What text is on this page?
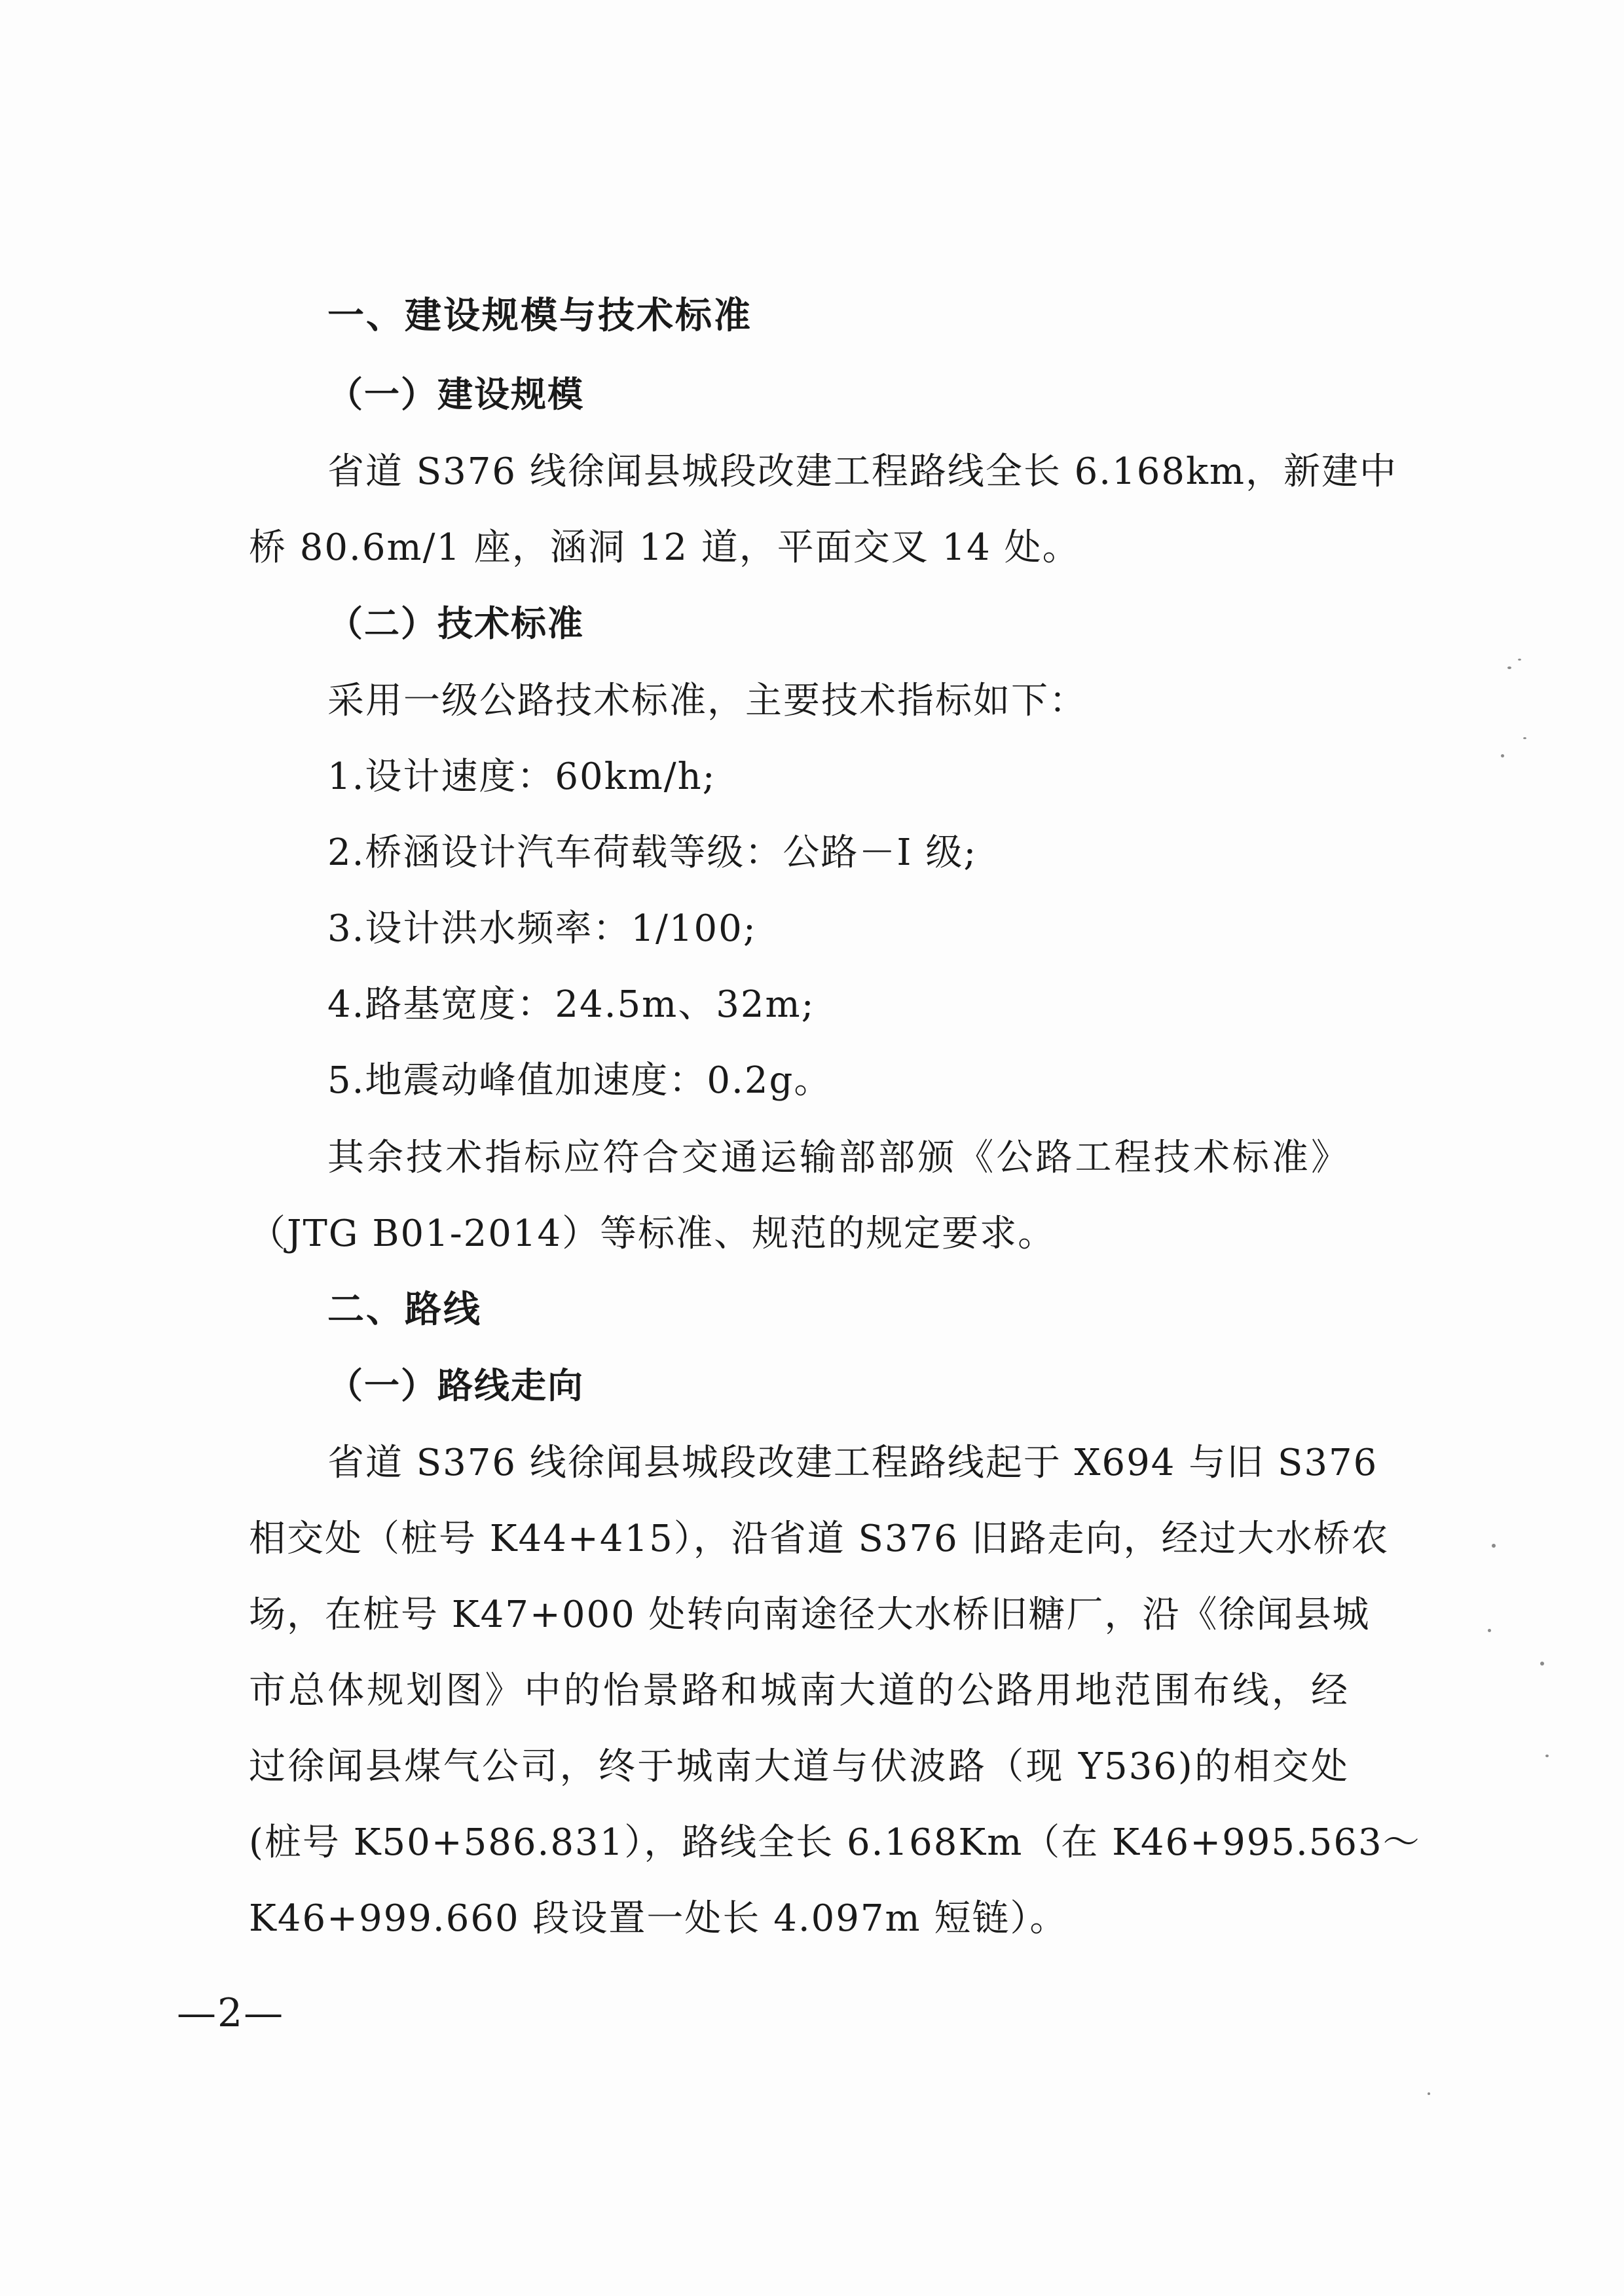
一、建设规模与技术标准
（一）建设规模
省道 S376 线徐闻县城段改建工程路线全长 6.168km，新建中
桥 80.6m/1 座，涵洞 12 道，平面交叉 14 处。
（二）技术标准
采用一级公路技术标准，主要技术指标如下：
1.设计速度：60km/h;
2.桥涵设计汽车荷载等级：公路－I 级;
3.设计洪水频率：1/100;
4.路基宽度：24.5m、32m;
5.地震动峰值加速度：0.2g。
其余技术指标应符合交通运输部部颁《公路工程技术标准》
（JTG B01-2014）等标准、规范的规定要求。
二、路线
（一）路线走向
省道 S376 线徐闻县城段改建工程路线起于 X694 与旧 S376
相交处（桩号 K44+415），沿省道 S376 旧路走向，经过大水桥农
场，在桩号 K47+000 处转向南途径大水桥旧糖厂，沿《徐闻县城
市总体规划图》中的怡景路和城南大道的公路用地范围布线，经
过徐闻县煤气公司，终于城南大道与伏波路（现 Y536)的相交处
(桩号 K50+586.831），路线全长 6.168Km（在 K46+995.563～
K46+999.660 段设置一处长 4.097m 短链）。
—2—
